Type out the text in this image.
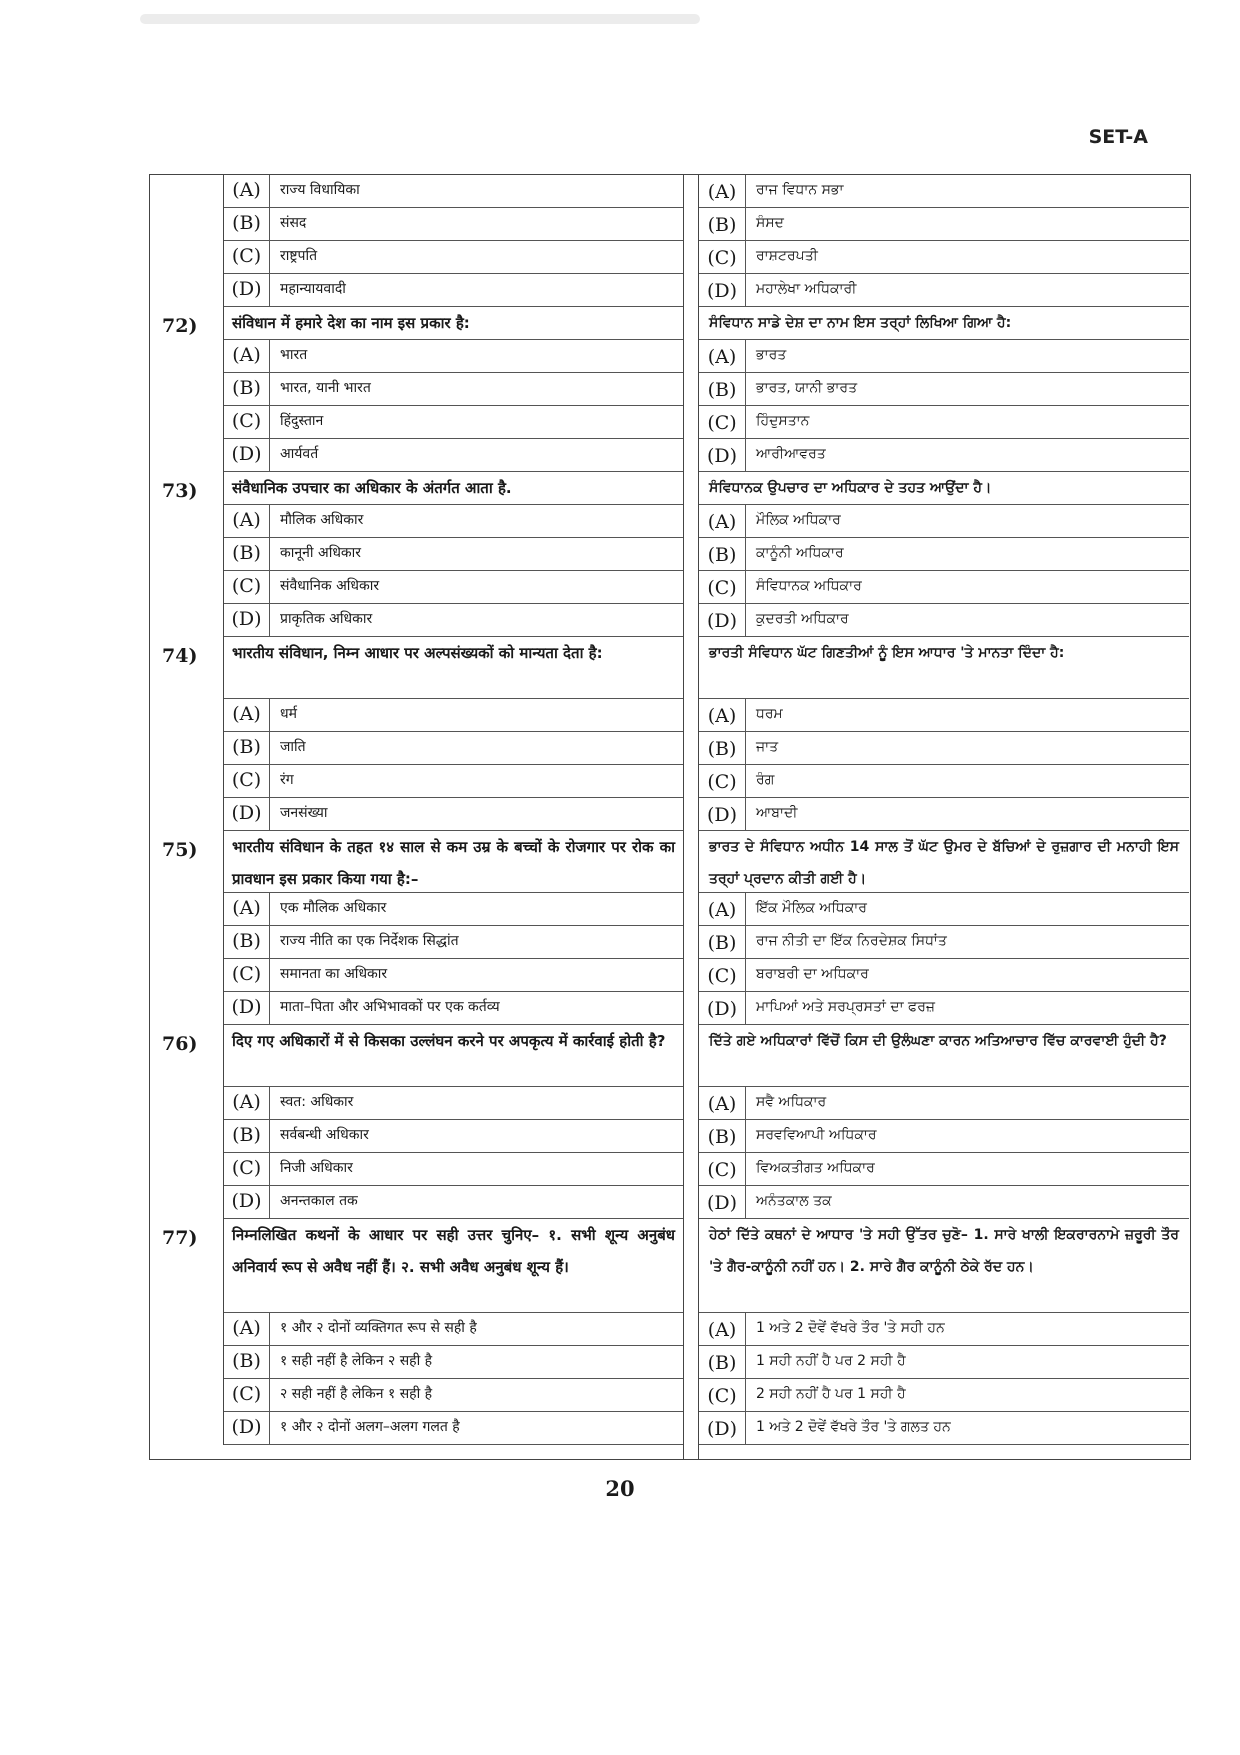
SET-A
(A)	राज्य विधायिका
(B)	संसद
(C)	राष्ट्रपति
(D)	महान्यायवादी
72)	संविधान में हमारे देश का नाम इस प्रकार है:
(A)	भारत
(B)	भारत, यानी भारत
(C)	हिंदुस्तान
(D)	आर्यवर्त
73)	संवैधानिक उपचार का अधिकार के अंतर्गत आता है.
(A)	मौलिक अधिकार
(B)	कानूनी अधिकार
(C)	संवैधानिक अधिकार
(D)	प्राकृतिक अधिकार
74)	भारतीय संविधान, निम्न आधार पर अल्पसंख्यकों को मान्यता देता है:
(A)	धर्म
(B)	जाति
(C)	रंग
(D)	जनसंख्या
75)	भारतीय संविधान के तहत १४ साल से कम उम्र के बच्चों के रोजगार पर रोक का प्रावधान इस प्रकार किया गया है:–
(A)	एक मौलिक अधिकार
(B)	राज्य नीति का एक निर्देशक सिद्धांत
(C)	समानता का अधिकार
(D)	माता–पिता और अभिभावकों पर एक कर्तव्य
76)	दिए गए अधिकारों में से किसका उल्लंघन करने पर अपकृत्य में कार्रवाई होती है?
(A)	स्वत: अधिकार
(B)	सर्वबन्धी अधिकार
(C)	निजी अधिकार
(D)	अनन्तकाल तक
77)	निम्नलिखित कथनों के आधार पर सही उत्तर चुनिए– १. सभी शून्य अनुबंध अनिवार्य रूप से अवैध नहीं हैं। २. सभी अवैध अनुबंध शून्य हैं।
(A)	१ और २ दोनों व्यक्तिगत रूप से सही है
(B)	१ सही नहीं है लेकिन २ सही है
(C)	२ सही नहीं है लेकिन १ सही है
(D)	१ और २ दोनों अलग–अलग गलत है
(A)	ਰਾਜ ਵਿਧਾਨ ਸਭਾ
(B)	ਸੰਸਦ
(C)	ਰਾਸ਼ਟਰਪਤੀ
(D)	ਮਹਾਲੇਖਾ ਅਧਿਕਾਰੀ
ਸੰਵਿਧਾਨ ਸਾਡੇ ਦੇਸ਼ ਦਾ ਨਾਮ ਇਸ ਤਰ੍ਹਾਂ ਲਿਖਿਆ ਗਿਆ ਹੈ:
(A)	ਭਾਰਤ
(B)	ਭਾਰਤ, ਯਾਨੀ ਭਾਰਤ
(C)	ਹਿੰਦੁਸਤਾਨ
(D)	ਆਰੀਆਵਰਤ
ਸੰਵਿਧਾਨਕ ਉਪਚਾਰ ਦਾ ਅਧਿਕਾਰ ਦੇ ਤਹਤ ਆਉਂਦਾ ਹੈ।
(A)	ਮੌਲਿਕ ਅਧਿਕਾਰ
(B)	ਕਾਨੂੰਨੀ ਅਧਿਕਾਰ
(C)	ਸੰਵਿਧਾਨਕ ਅਧਿਕਾਰ
(D)	ਕੁਦਰਤੀ ਅਧਿਕਾਰ
ਭਾਰਤੀ ਸੰਵਿਧਾਨ ਘੱਟ ਗਿਣਤੀਆਂ ਨੂੰ ਇਸ ਆਧਾਰ 'ਤੇ ਮਾਨਤਾ ਦਿੰਦਾ ਹੈ:
(A)	ਧਰਮ
(B)	ਜਾਤ
(C)	ਰੰਗ
(D)	ਆਬਾਦੀ
ਭਾਰਤ ਦੇ ਸੰਵਿਧਾਨ ਅਧੀਨ 14 ਸਾਲ ਤੋਂ ਘੱਟ ਉਮਰ ਦੇ ਬੱਚਿਆਂ ਦੇ ਰੁਜ਼ਗਾਰ ਦੀ ਮਨਾਹੀ ਇਸ ਤਰ੍ਹਾਂ ਪ੍ਰਦਾਨ ਕੀਤੀ ਗਈ ਹੈ।
(A)	ਇੱਕ ਮੌਲਿਕ ਅਧਿਕਾਰ
(B)	ਰਾਜ ਨੀਤੀ ਦਾ ਇੱਕ ਨਿਰਦੇਸ਼ਕ ਸਿਧਾਂਤ
(C)	ਬਰਾਬਰੀ ਦਾ ਅਧਿਕਾਰ
(D)	ਮਾਪਿਆਂ ਅਤੇ ਸਰਪ੍ਰਸਤਾਂ ਦਾ ਫਰਜ਼
ਦਿੱਤੇ ਗਏ ਅਧਿਕਾਰਾਂ ਵਿੱਚੋਂ ਕਿਸ ਦੀ ਉਲੰਘਣਾ ਕਾਰਨ ਅਤਿਆਚਾਰ ਵਿੱਚ ਕਾਰਵਾਈ ਹੁੰਦੀ ਹੈ?
(A)	ਸਵੈ ਅਧਿਕਾਰ
(B)	ਸਰਵਵਿਆਪੀ ਅਧਿਕਾਰ
(C)	ਵਿਅਕਤੀਗਤ ਅਧਿਕਾਰ
(D)	ਅਨੰਤਕਾਲ ਤਕ
ਹੇਠਾਂ ਦਿੱਤੇ ਕਥਨਾਂ ਦੇ ਆਧਾਰ 'ਤੇ ਸਹੀ ਉੱਤਰ ਚੁਣੋ– 1. ਸਾਰੇ ਖਾਲੀ ਇਕਰਾਰਨਾਮੇ ਜ਼ਰੂਰੀ ਤੌਰ 'ਤੇ ਗੈਰ-ਕਾਨੂੰਨੀ ਨਹੀਂ ਹਨ। 2. ਸਾਰੇ ਗੈਰ ਕਾਨੂੰਨੀ ਠੇਕੇ ਰੱਦ ਹਨ।
(A)	1 ਅਤੇ 2 ਦੋਵੇਂ ਵੱਖਰੇ ਤੌਰ 'ਤੇ ਸਹੀ ਹਨ
(B)	1 ਸਹੀ ਨਹੀਂ ਹੈ ਪਰ 2 ਸਹੀ ਹੈ
(C)	2 ਸਹੀ ਨਹੀਂ ਹੈ ਪਰ 1 ਸਹੀ ਹੈ
(D)	1 ਅਤੇ 2 ਦੋਵੇਂ ਵੱਖਰੇ ਤੌਰ 'ਤੇ ਗਲਤ ਹਨ
20
